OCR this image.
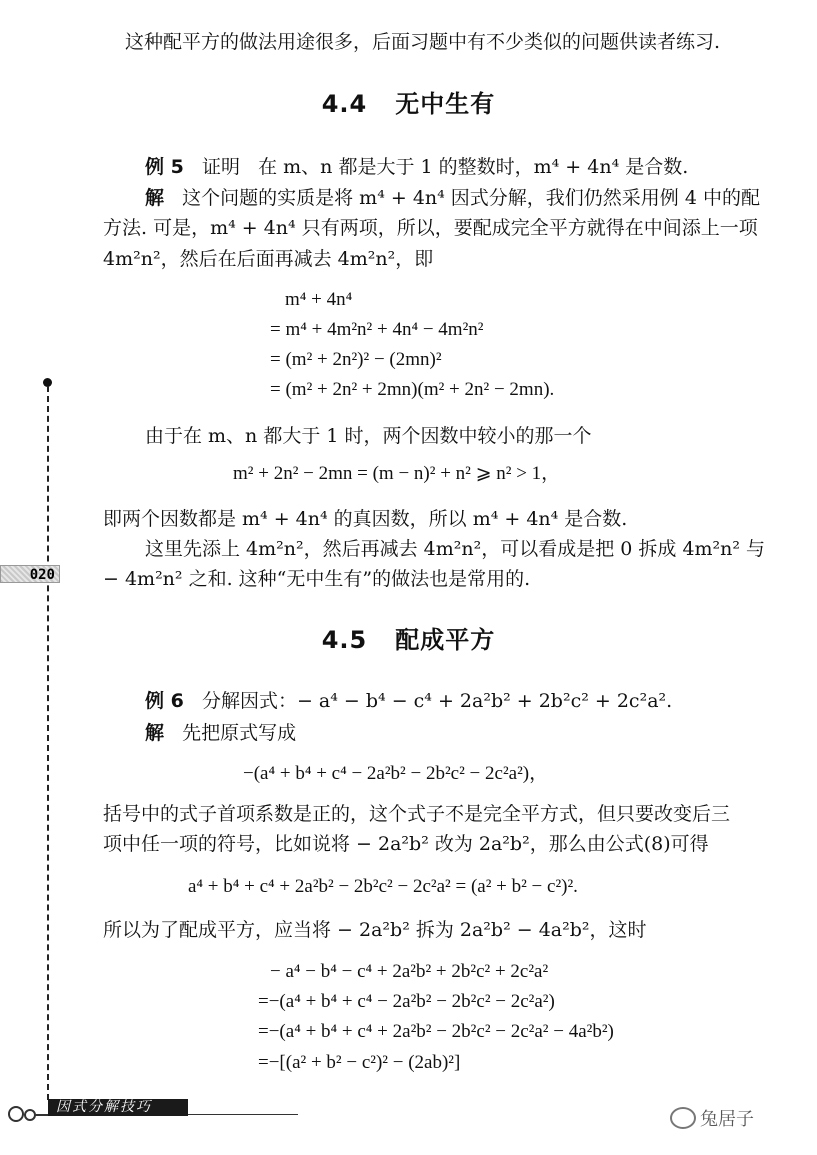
这种配平方的做法用途很多，后面习题中有不少类似的问题供读者练习.
4.4 无中生有
例 5 证明 在 m、n 都是大于 1 的整数时，m⁴ + 4n⁴ 是合数.
解 这个问题的实质是将 m⁴ + 4n⁴ 因式分解，我们仍然采用例 4 中的配
方法. 可是，m⁴ + 4n⁴ 只有两项，所以，要配成完全平方就得在中间添上一项
4m²n²，然后在后面再减去 4m²n²，即
m⁴ + 4n⁴
= m⁴ + 4m²n² + 4n⁴ − 4m²n²
= (m² + 2n²)² − (2mn)²
= (m² + 2n² + 2mn)(m² + 2n² − 2mn).
由于在 m、n 都大于 1 时，两个因数中较小的那一个
m² + 2n² − 2mn = (m − n)² + n² ⩾ n² > 1，
即两个因数都是 m⁴ + 4n⁴ 的真因数，所以 m⁴ + 4n⁴ 是合数.
这里先添上 4m²n²，然后再减去 4m²n²，可以看成是把 0 拆成 4m²n² 与
− 4m²n² 之和. 这种“无中生有”的做法也是常用的.
4.5 配成平方
例 6 分解因式：− a⁴ − b⁴ − c⁴ + 2a²b² + 2b²c² + 2c²a².
解 先把原式写成
−(a⁴ + b⁴ + c⁴ − 2a²b² − 2b²c² − 2c²a²)，
括号中的式子首项系数是正的，这个式子不是完全平方式，但只要改变后三
项中任一项的符号，比如说将 − 2a²b² 改为 2a²b²，那么由公式(8)可得
a⁴ + b⁴ + c⁴ + 2a²b² − 2b²c² − 2c²a² = (a² + b² − c²)².
所以为了配成平方，应当将 − 2a²b² 拆为 2a²b² − 4a²b²，这时
− a⁴ − b⁴ − c⁴ + 2a²b² + 2b²c² + 2c²a²
=−(a⁴ + b⁴ + c⁴ − 2a²b² − 2b²c² − 2c²a²)
=−(a⁴ + b⁴ + c⁴ + 2a²b² − 2b²c² − 2c²a² − 4a²b²)
=−[(a² + b² − c²)² − (2ab)²]
020
因式分解技巧
兔居子
